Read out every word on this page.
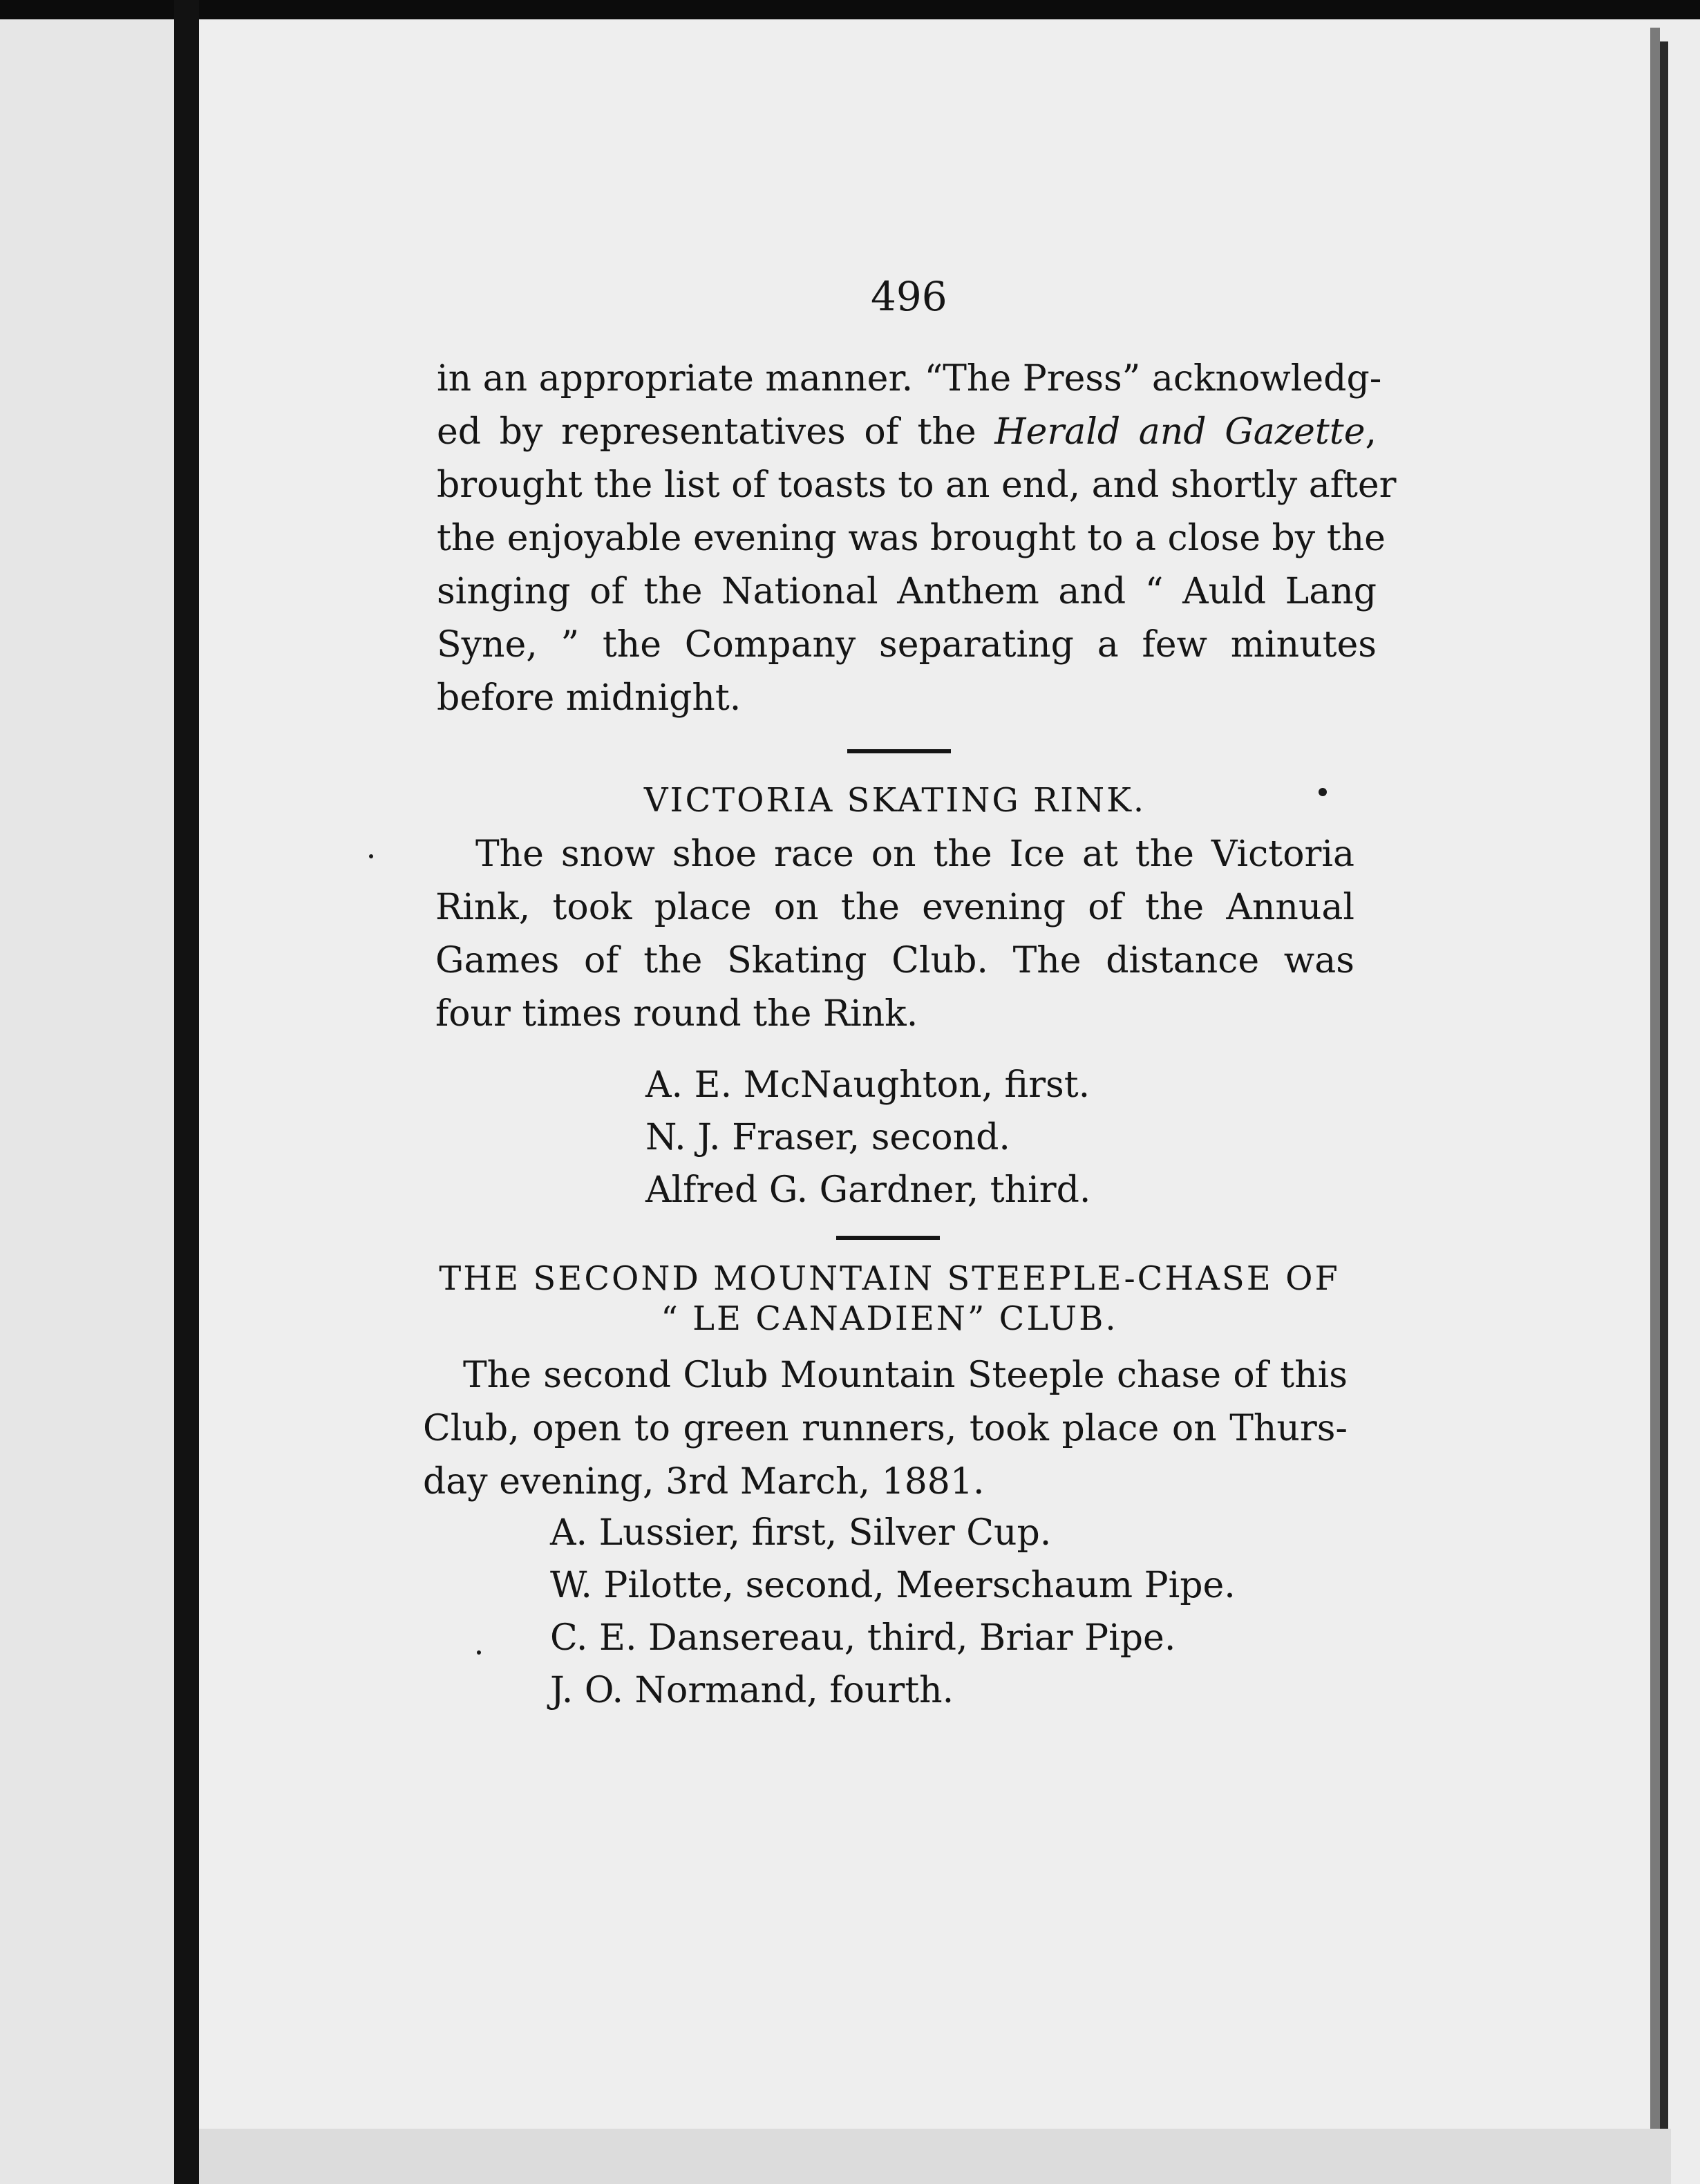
496
in an appropriate manner. “The Press” acknowledg-
ed by representatives of the Herald and Gazette,
brought the list of toasts to an end, and shortly after
the enjoyable evening was brought to a close by the
singing of the National Anthem and “ Auld Lang
Syne, ” the Company separating a few minutes
before midnight.
VICTORIA SKATING RINK.
The snow shoe race on the Ice at the Victoria
Rink, took place on the evening of the Annual
Games of the Skating Club. The distance was
four times round the Rink.
A. E. McNaughton, first.
N. J. Fraser, second.
Alfred G. Gardner, third.
THE SECOND MOUNTAIN STEEPLE-CHASE OF
“ LE CANADIEN” CLUB.
The second Club Mountain Steeple chase of this
Club, open to green runners, took place on Thurs-
day evening, 3rd March, 1881.
A. Lussier, first, Silver Cup.
W. Pilotte, second, Meerschaum Pipe.
C. E. Dansereau, third, Briar Pipe.
J. O. Normand, fourth.
